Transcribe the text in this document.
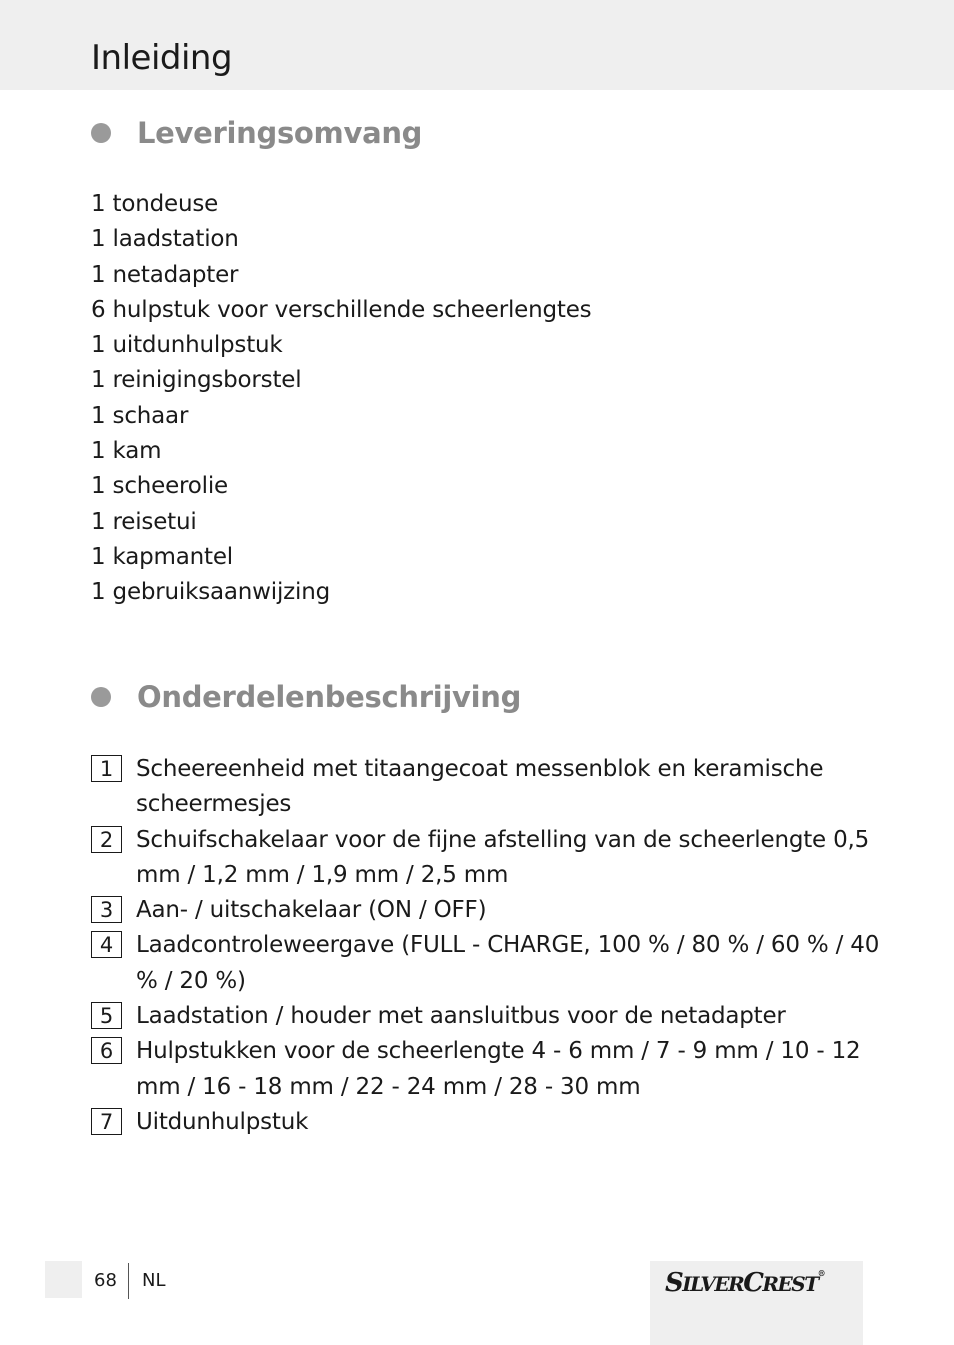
Inleiding
Leveringsomvang
1 tondeuse
1 laadstation
1 netadapter
6 hulpstuk voor verschillende scheerlengtes
1 uitdunhulpstuk
1 reinigingsborstel
1 schaar
1 kam
1 scheerolie
1 reisetui
1 kapmantel
1 gebruiksaanwijzing
Onderdelenbeschrijving
1 Scheereenheid met titaangecoat messenblok en keramische scheermesjes
2 Schuifschakelaar voor de fijne afstelling van de scheerlengte 0,5 mm / 1,2 mm / 1,9 mm / 2,5 mm
3 Aan- / uitschakelaar (ON / OFF)
4 Laadcontroleweergave (FULL - CHARGE, 100 % / 80 % / 60 % / 40 % / 20 %)
5 Laadstation / houder met aansluitbus voor de netadapter
6 Hulpstukken voor de scheerlengte 4 - 6 mm / 7 - 9 mm / 10 - 12 mm / 16 - 18 mm / 22 - 24 mm / 28 - 30 mm
7 Uitdunhulpstuk
68 NL	SILVERCREST®
